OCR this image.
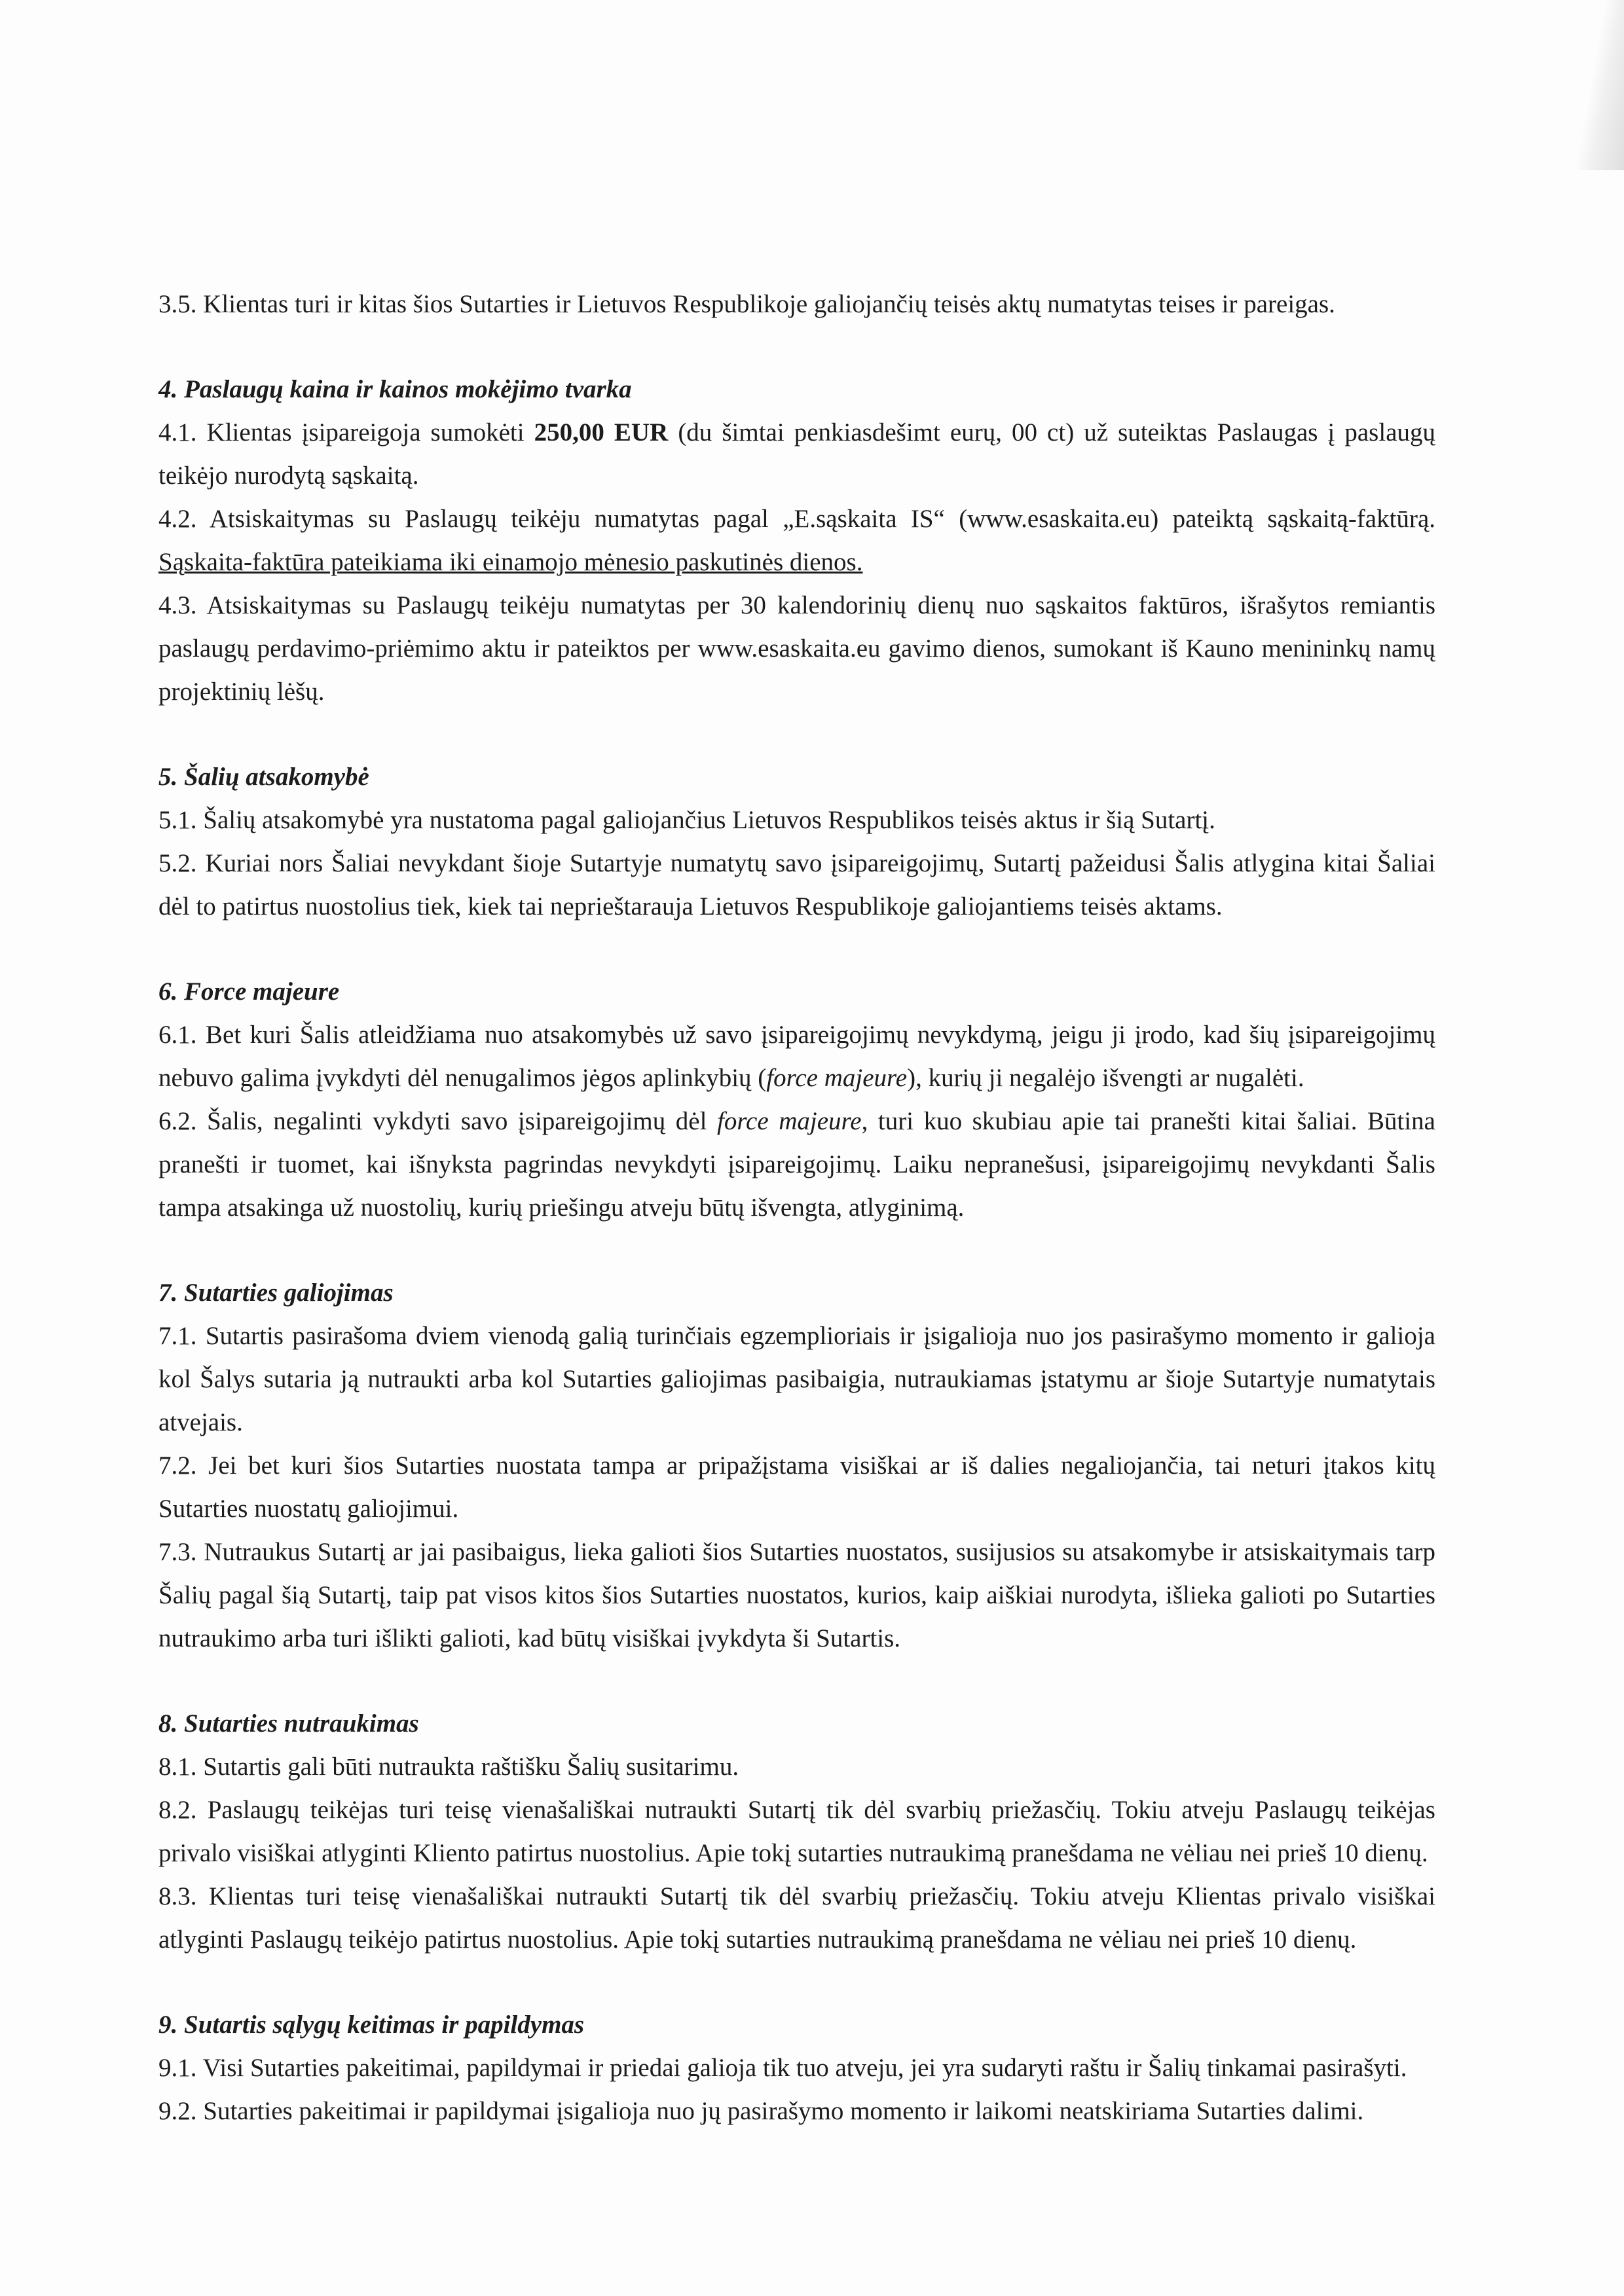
3.5. Klientas turi ir kitas šios Sutarties ir Lietuvos Respublikoje galiojančių teisės aktų numatytas teises ir pareigas.

4. Paslaugų kaina ir kainos mokėjimo tvarka

4.1. Klientas įsipareigoja sumokėti 250,00 EUR (du šimtai penkiasdešimt eurų, 00 ct) už suteiktas Paslaugas į paslaugų teikėjo nurodytą sąskaitą.

4.2. Atsiskaitymas su Paslaugų teikėju numatytas pagal „E.sąskaita IS“ (www.esaskaita.eu) pateiktą sąskaitą-faktūrą. Sąskaita-faktūra pateikiama iki einamojo mėnesio paskutinės dienos.

4.3. Atsiskaitymas su Paslaugų teikėju numatytas per 30 kalendorinių dienų nuo sąskaitos faktūros, išrašytos remiantis paslaugų perdavimo-priėmimo aktu ir pateiktos per www.esaskaita.eu gavimo dienos, sumokant iš Kauno menininkų namų projektinių lėšų.

5. Šalių atsakomybė

5.1. Šalių atsakomybė yra nustatoma pagal galiojančius Lietuvos Respublikos teisės aktus ir šią Sutartį.

5.2. Kuriai nors Šaliai nevykdant šioje Sutartyje numatytų savo įsipareigojimų, Sutartį pažeidusi Šalis atlygina kitai Šaliai dėl to patirtus nuostolius tiek, kiek tai neprieštarauja Lietuvos Respublikoje galiojantiems teisės aktams.

6. Force majeure

6.1. Bet kuri Šalis atleidžiama nuo atsakomybės už savo įsipareigojimų nevykdymą, jeigu ji įrodo, kad šių įsipareigojimų nebuvo galima įvykdyti dėl nenugalimos jėgos aplinkybių (force majeure), kurių ji negalėjo išvengti ar nugalėti.

6.2. Šalis, negalinti vykdyti savo įsipareigojimų dėl force majeure, turi kuo skubiau apie tai pranešti kitai šaliai. Būtina pranešti ir tuomet, kai išnyksta pagrindas nevykdyti įsipareigojimų. Laiku nepranešusi, įsipareigojimų nevykdanti Šalis tampa atsakinga už nuostolių, kurių priešingu atveju būtų išvengta, atlyginimą.

7. Sutarties galiojimas

7.1. Sutartis pasirašoma dviem vienodą galią turinčiais egzemplioriais ir įsigalioja nuo jos pasirašymo momento ir galioja kol Šalys sutaria ją nutraukti arba kol Sutarties galiojimas pasibaigia, nutraukiamas įstatymu ar šioje Sutartyje numatytais atvejais.

7.2. Jei bet kuri šios Sutarties nuostata tampa ar pripažįstama visiškai ar iš dalies negaliojančia, tai neturi įtakos kitų Sutarties nuostatų galiojimui.

7.3. Nutraukus Sutartį ar jai pasibaigus, lieka galioti šios Sutarties nuostatos, susijusios su atsakomybe ir atsiskaitymais tarp Šalių pagal šią Sutartį, taip pat visos kitos šios Sutarties nuostatos, kurios, kaip aiškiai nurodyta, išlieka galioti po Sutarties nutraukimo arba turi išlikti galioti, kad būtų visiškai įvykdyta ši Sutartis.

8. Sutarties nutraukimas

8.1. Sutartis gali būti nutraukta raštišku Šalių susitarimu.

8.2. Paslaugų teikėjas turi teisę vienašališkai nutraukti Sutartį tik dėl svarbių priežasčių. Tokiu atveju Paslaugų teikėjas privalo visiškai atlyginti Kliento patirtus nuostolius. Apie tokį sutarties nutraukimą pranešdama ne vėliau nei prieš 10 dienų.

8.3. Klientas turi teisę vienašališkai nutraukti Sutartį tik dėl svarbių priežasčių. Tokiu atveju Klientas privalo visiškai atlyginti Paslaugų teikėjo patirtus nuostolius. Apie tokį sutarties nutraukimą pranešdama ne vėliau nei prieš 10 dienų.

9. Sutartis sąlygų keitimas ir papildymas

9.1. Visi Sutarties pakeitimai, papildymai ir priedai galioja tik tuo atveju, jei yra sudaryti raštu ir Šalių tinkamai pasirašyti.

9.2. Sutarties pakeitimai ir papildymai įsigalioja nuo jų pasirašymo momento ir laikomi neatskiriama Sutarties dalimi.
